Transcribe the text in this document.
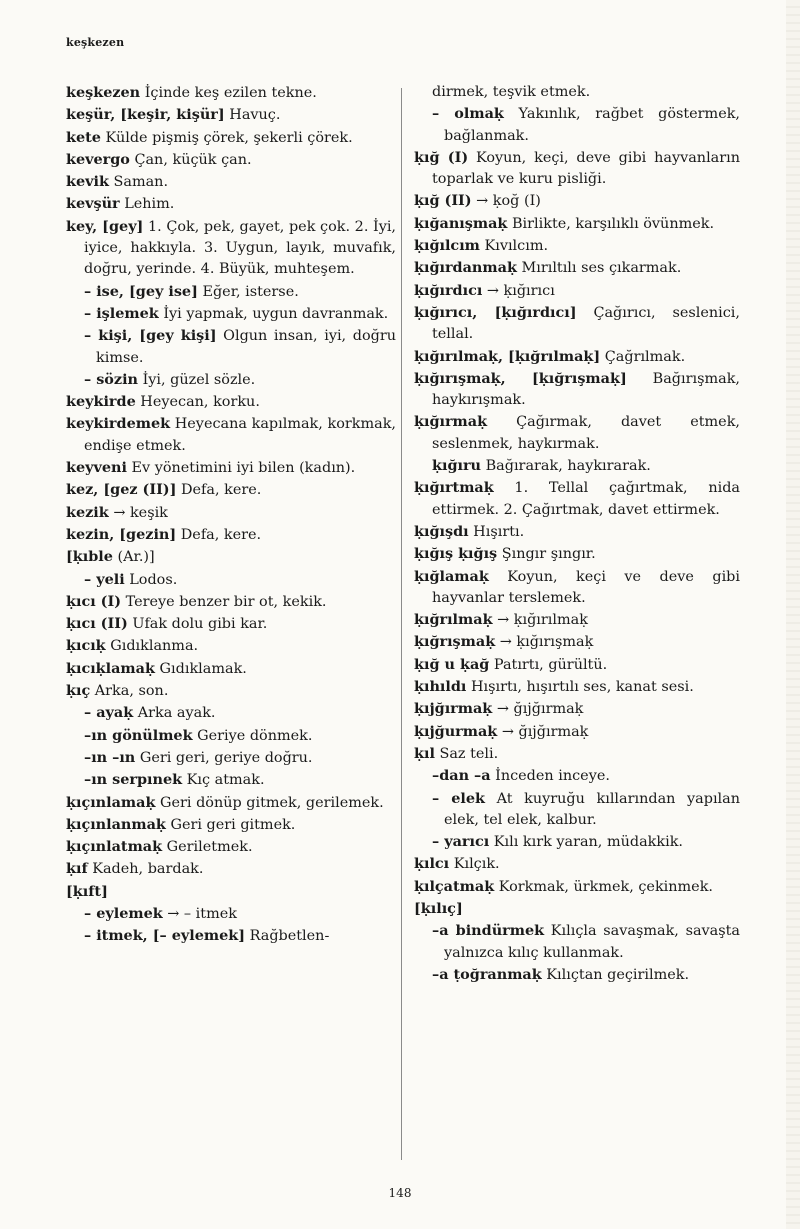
keşkezen

keşkezen İçinde keş ezilen tekne.

keşür, [keşir, kişür] Havuç.

kete Külde pişmiş çörek, şekerli çörek.

kevergo Çan, küçük çan.

kevik Saman.

kevşür Lehim.

key, [gey] 1. Çok, pek, gayet, pek çok. 2. İyi, iyice, hakkıyla. 3. Uygun, layık, muvafık, doğru, yerinde. 4. Büyük, muhteşem.

– ise, [gey ise] Eğer, isterse.

– işlemek İyi yapmak, uygun davranmak.

– kişi, [gey kişi] Olgun insan, iyi, doğru kimse.

– sözin İyi, güzel sözle.

keykirde Heyecan, korku.

keykirdemek Heyecana kapılmak, korkmak, endişe etmek.

keyveni Ev yönetimini iyi bilen (kadın).

kez, [gez (II)] Defa, kere.

kezik → keşik

kezin, [gezin] Defa, kere.

[ḳıble (Ar.)]

– yeli Lodos.

ḳıcı (I) Tereye benzer bir ot, kekik.

ḳıcı (II) Ufak dolu gibi kar.

ḳıcıḳ Gıdıklanma.

ḳıcıḳlamaḳ Gıdıklamak.

ḳıç Arka, son.

– ayaḳ Arka ayak.

–ın gönülmek Geriye dönmek.

–ın –ın Geri geri, geriye doğru.

–ın serpınek Kıç atmak.

ḳıçınlamaḳ Geri dönüp gitmek, gerilemek.

ḳıçınlanmaḳ Geri geri gitmek.

ḳıçınlatmaḳ Geriletmek.

ḳıf Kadeh, bardak.

[ḳıft]

– eylemek → – itmek

– itmek, [– eylemek] Rağbetlen-

dirmek, teşvik etmek.

– olmaḳ Yakınlık, rağbet göstermek, bağlanmak.

ḳığ (I) Koyun, keçi, deve gibi hayvanların toparlak ve kuru pisliği.

ḳığ (II) → ḳoğ (I)

ḳığanışmaḳ Birlikte, karşılıklı övünmek.

ḳığılcım Kıvılcım.

ḳığırdanmaḳ Mırıltılı ses çıkarmak.

ḳığırdıcı → ḳığırıcı

ḳığırıcı, [ḳığırdıcı] Çağırıcı, seslenici, tellal.

ḳığırılmaḳ, [ḳığrılmaḳ] Çağrılmak.

ḳığırışmaḳ, [ḳığrışmaḳ] Bağırışmak, haykırışmak.

ḳığırmaḳ Çağırmak, davet etmek, seslenmek, haykırmak.

ḳığıru Bağırarak, haykırarak.

ḳığırtmaḳ 1. Tellal çağırtmak, nida ettirmek. 2. Çağırtmak, davet ettirmek.

ḳığışdı Hışırtı.

ḳığış ḳığış Şıngır şıngır.

ḳığlamaḳ Koyun, keçi ve deve gibi hayvanlar terslemek.

ḳığrılmaḳ → ḳığırılmaḳ

ḳığrışmaḳ → ḳığırışmaḳ

ḳığ u ḳağ Patırtı, gürültü.

ḳıhıldı Hışırtı, hışırtılı ses, kanat sesi.

ḳıjğırmaḳ → ğıjğırmaḳ

ḳıjğurmaḳ → ğıjğırmaḳ

ḳıl Saz teli.

–dan –a İnceden inceye.

– elek At kuyruğu kıllarından yapılan elek, tel elek, kalbur.

– yarıcı Kılı kırk yaran, müdakkik.

ḳılcı Kılçık.

ḳılçatmaḳ Korkmak, ürkmek, çekinmek.

[ḳılıç]

–a bindürmek Kılıçla savaşmak, savaşta yalnızca kılıç kullanmak.

–a ṭoğranmaḳ Kılıçtan geçirilmek.

148
